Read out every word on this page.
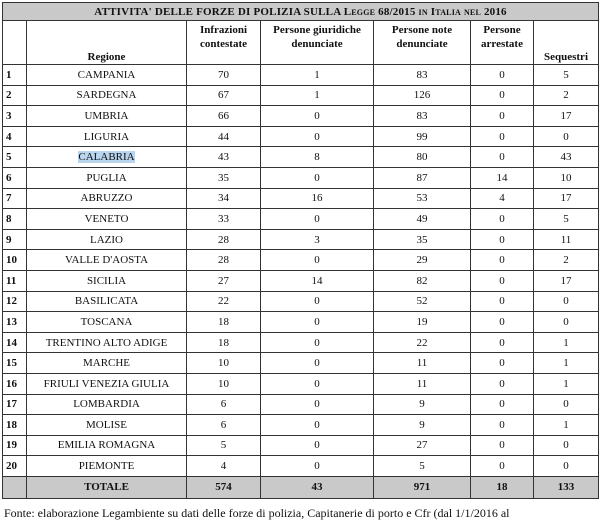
ATTIVITA' DELLE FORZE DI POLIZIA SULLA Legge 68/2015 in Italia nel 2016						
	Regione	Infrazioni contestate	Persone giuridiche denunciate	Persone note denunciate	Persone arrestate	Sequestri
1	CAMPANIA	70	1	83	0	5
2	SARDEGNA	67	1	126	0	2
3	UMBRIA	66	0	83	0	17
4	LIGURIA	44	0	99	0	0
5	CALABRIA	43	8	80	0	43
6	PUGLIA	35	0	87	14	10
7	ABRUZZO	34	16	53	4	17
8	VENETO	33	0	49	0	5
9	LAZIO	28	3	35	0	11
10	VALLE D'AOSTA	28	0	29	0	2
11	SICILIA	27	14	82	0	17
12	BASILICATA	22	0	52	0	0
13	TOSCANA	18	0	19	0	0
14	TRENTINO ALTO ADIGE	18	0	22	0	1
15	MARCHE	10	0	11	0	1
16	FRIULI VENEZIA GIULIA	10	0	11	0	1
17	LOMBARDIA	6	0	9	0	0
18	MOLISE	6	0	9	0	1
19	EMILIA ROMAGNA	5	0	27	0	0
20	PIEMONTE	4	0	5	0	0
	TOTALE	574	43	971	18	133
Fonte: elaborazione Legambiente su dati delle forze di polizia, Capitanerie di porto e Cfr (dal 1/1/2016 al
